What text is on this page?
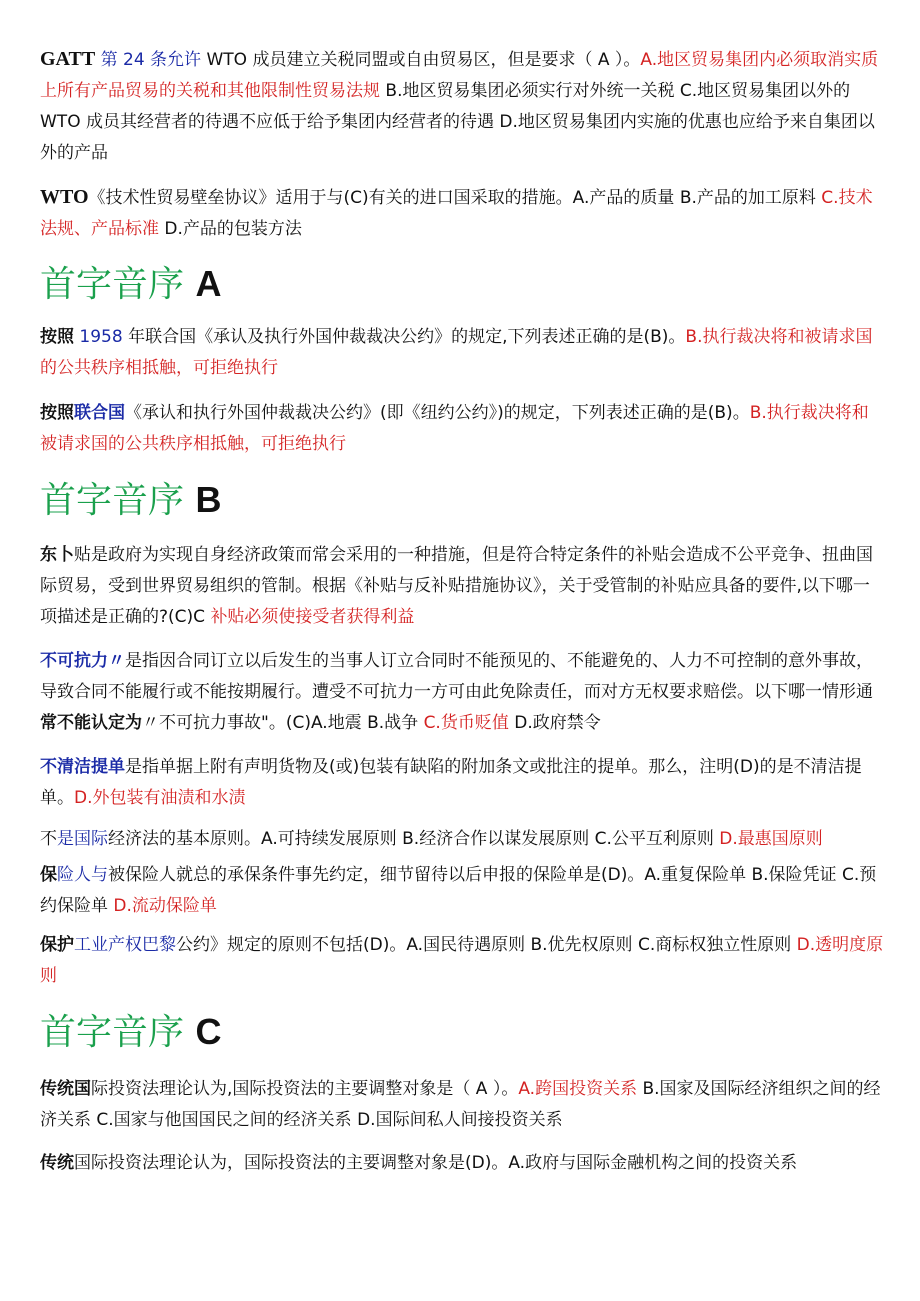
GATT 第 24 条允许 WTO 成员建立关税同盟或自由贸易区，但是要求（ A ）。A.地区贸易集团内必须取消实质上所有产品贸易的关税和其他限制性贸易法规 B.地区贸易集团必须实行对外统一关税 C.地区贸易集团以外的 WTO 成员其经营者的待遇不应低于给予集团内经营者的待遇 D.地区贸易集团内实施的优惠也应给予来自集团以外的产品

WTO《技术性贸易壁垒协议》适用于与(C)有关的进口国采取的措施。A.产品的质量 B.产品的加工原料 C.技术法规、产品标准 D.产品的包装方法

首字音序 A

按照 1958 年联合国《承认及执行外国仲裁裁决公约》的规定,下列表述正确的是(B)。B.执行裁决将和被请求国的公共秩序相抵触，可拒绝执行

按照联合国《承认和执行外国仲裁裁决公约》(即《纽约公约》)的规定，下列表述正确的是(B)。B.执行裁决将和被请求国的公共秩序相抵触，可拒绝执行

首字音序 B

东卜贴是政府为实现自身经济政策而常会采用的一种措施，但是符合特定条件的补贴会造成不公平竞争、扭曲国际贸易，受到世界贸易组织的管制。根据《补贴与反补贴措施协议》，关于受管制的补贴应具备的要件,以下哪一项描述是正确的?(C)C 补贴必须使接受者获得利益

不可抗力〃是指因合同订立以后发生的当事人订立合同时不能预见的、不能避免的、人力不可控制的意外事故，导致合同不能履行或不能按期履行。遭受不可抗力一方可由此免除责任，而对方无权要求赔偿。以下哪一情形通常不能认定为〃不可抗力事故"。(C)A.地震 B.战争 C.货币贬值 D.政府禁令

不清洁提单是指单据上附有声明货物及(或)包装有缺陷的附加条文或批注的提单。那么，注明(D)的是不清洁提单。D.外包装有油渍和水渍

不是国际经济法的基本原则。A.可持续发展原则 B.经济合作以谋发展原则 C.公平互利原则 D.最惠国原则

保险人与被保险人就总的承保条件事先约定，细节留待以后申报的保险单是(D)。A.重复保险单 B.保险凭证 C.预约保险单 D.流动保险单

保护工业产权巴黎公约》规定的原则不包括(D)。A.国民待遇原则 B.优先权原则 C.商标权独立性原则 D.透明度原则

首字音序 C

传统国际投资法理论认为,国际投资法的主要调整对象是（ A ）。A.跨国投资关系 B.国家及国际经济组织之间的经济关系 C.国家与他国国民之间的经济关系 D.国际间私人间接投资关系

传统国际投资法理论认为，国际投资法的主要调整对象是(D)。A.政府与国际金融机构之间的投资关系
